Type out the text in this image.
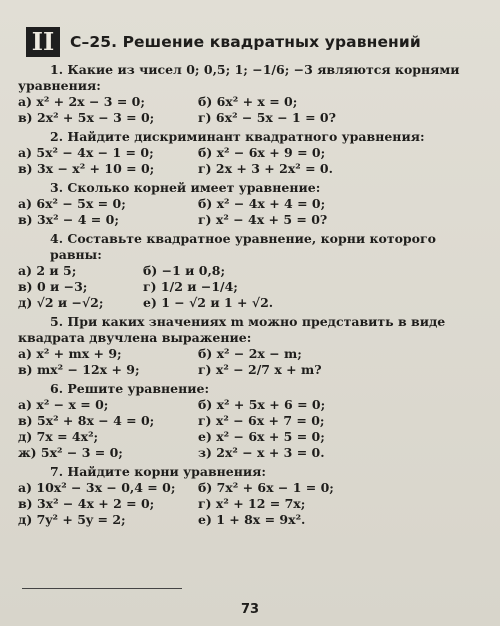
II	С–25. Решение квадратных уравнений
1. Какие из чисел 0; 0,5; 1; −1/6; −3 являются корнями
уравнения:
а) x² + 2x − 3 = 0;	б) 6x² + x = 0;
в) 2x² + 5x − 3 = 0;	г) 6x² − 5x − 1 = 0?
2. Найдите дискриминант квадратного уравнения:
а) 5x² − 4x − 1 = 0;	б) x² − 6x + 9 = 0;
в) 3x − x² + 10 = 0;	г) 2x + 3 + 2x² = 0.
3. Сколько корней имеет уравнение:
а) 6x² − 5x = 0;	б) x² − 4x + 4 = 0;
в) 3x² − 4 = 0;	г) x² − 4x + 5 = 0?
4. Составьте квадратное уравнение, корни которого равны:
а) 2 и 5;	б) −1 и 0,8;
в) 0 и −3;	г) 1/2 и −1/4;
д) √2 и −√2;	е) 1 − √2 и 1 + √2.
5. При каких значениях m можно представить в виде
квадрата двучлена выражение:
а) x² + mx + 9;	б) x² − 2x − m;
в) mx² − 12x + 9;	г) x² − 2/7 x + m?
6. Решите уравнение:
а) x² − x = 0;	б) x² + 5x + 6 = 0;
в) 5x² + 8x − 4 = 0;	г) x² − 6x + 7 = 0;
д) 7x = 4x²;	е) x² − 6x + 5 = 0;
ж) 5x² − 3 = 0;	з) 2x² − x + 3 = 0.
7. Найдите корни уравнения:
а) 10x² − 3x − 0,4 = 0;	б) 7x² + 6x − 1 = 0;
в) 3x² − 4x + 2 = 0;	г) x² + 12 = 7x;
д) 7y² + 5y = 2;	е) 1 + 8x = 9x².
73
